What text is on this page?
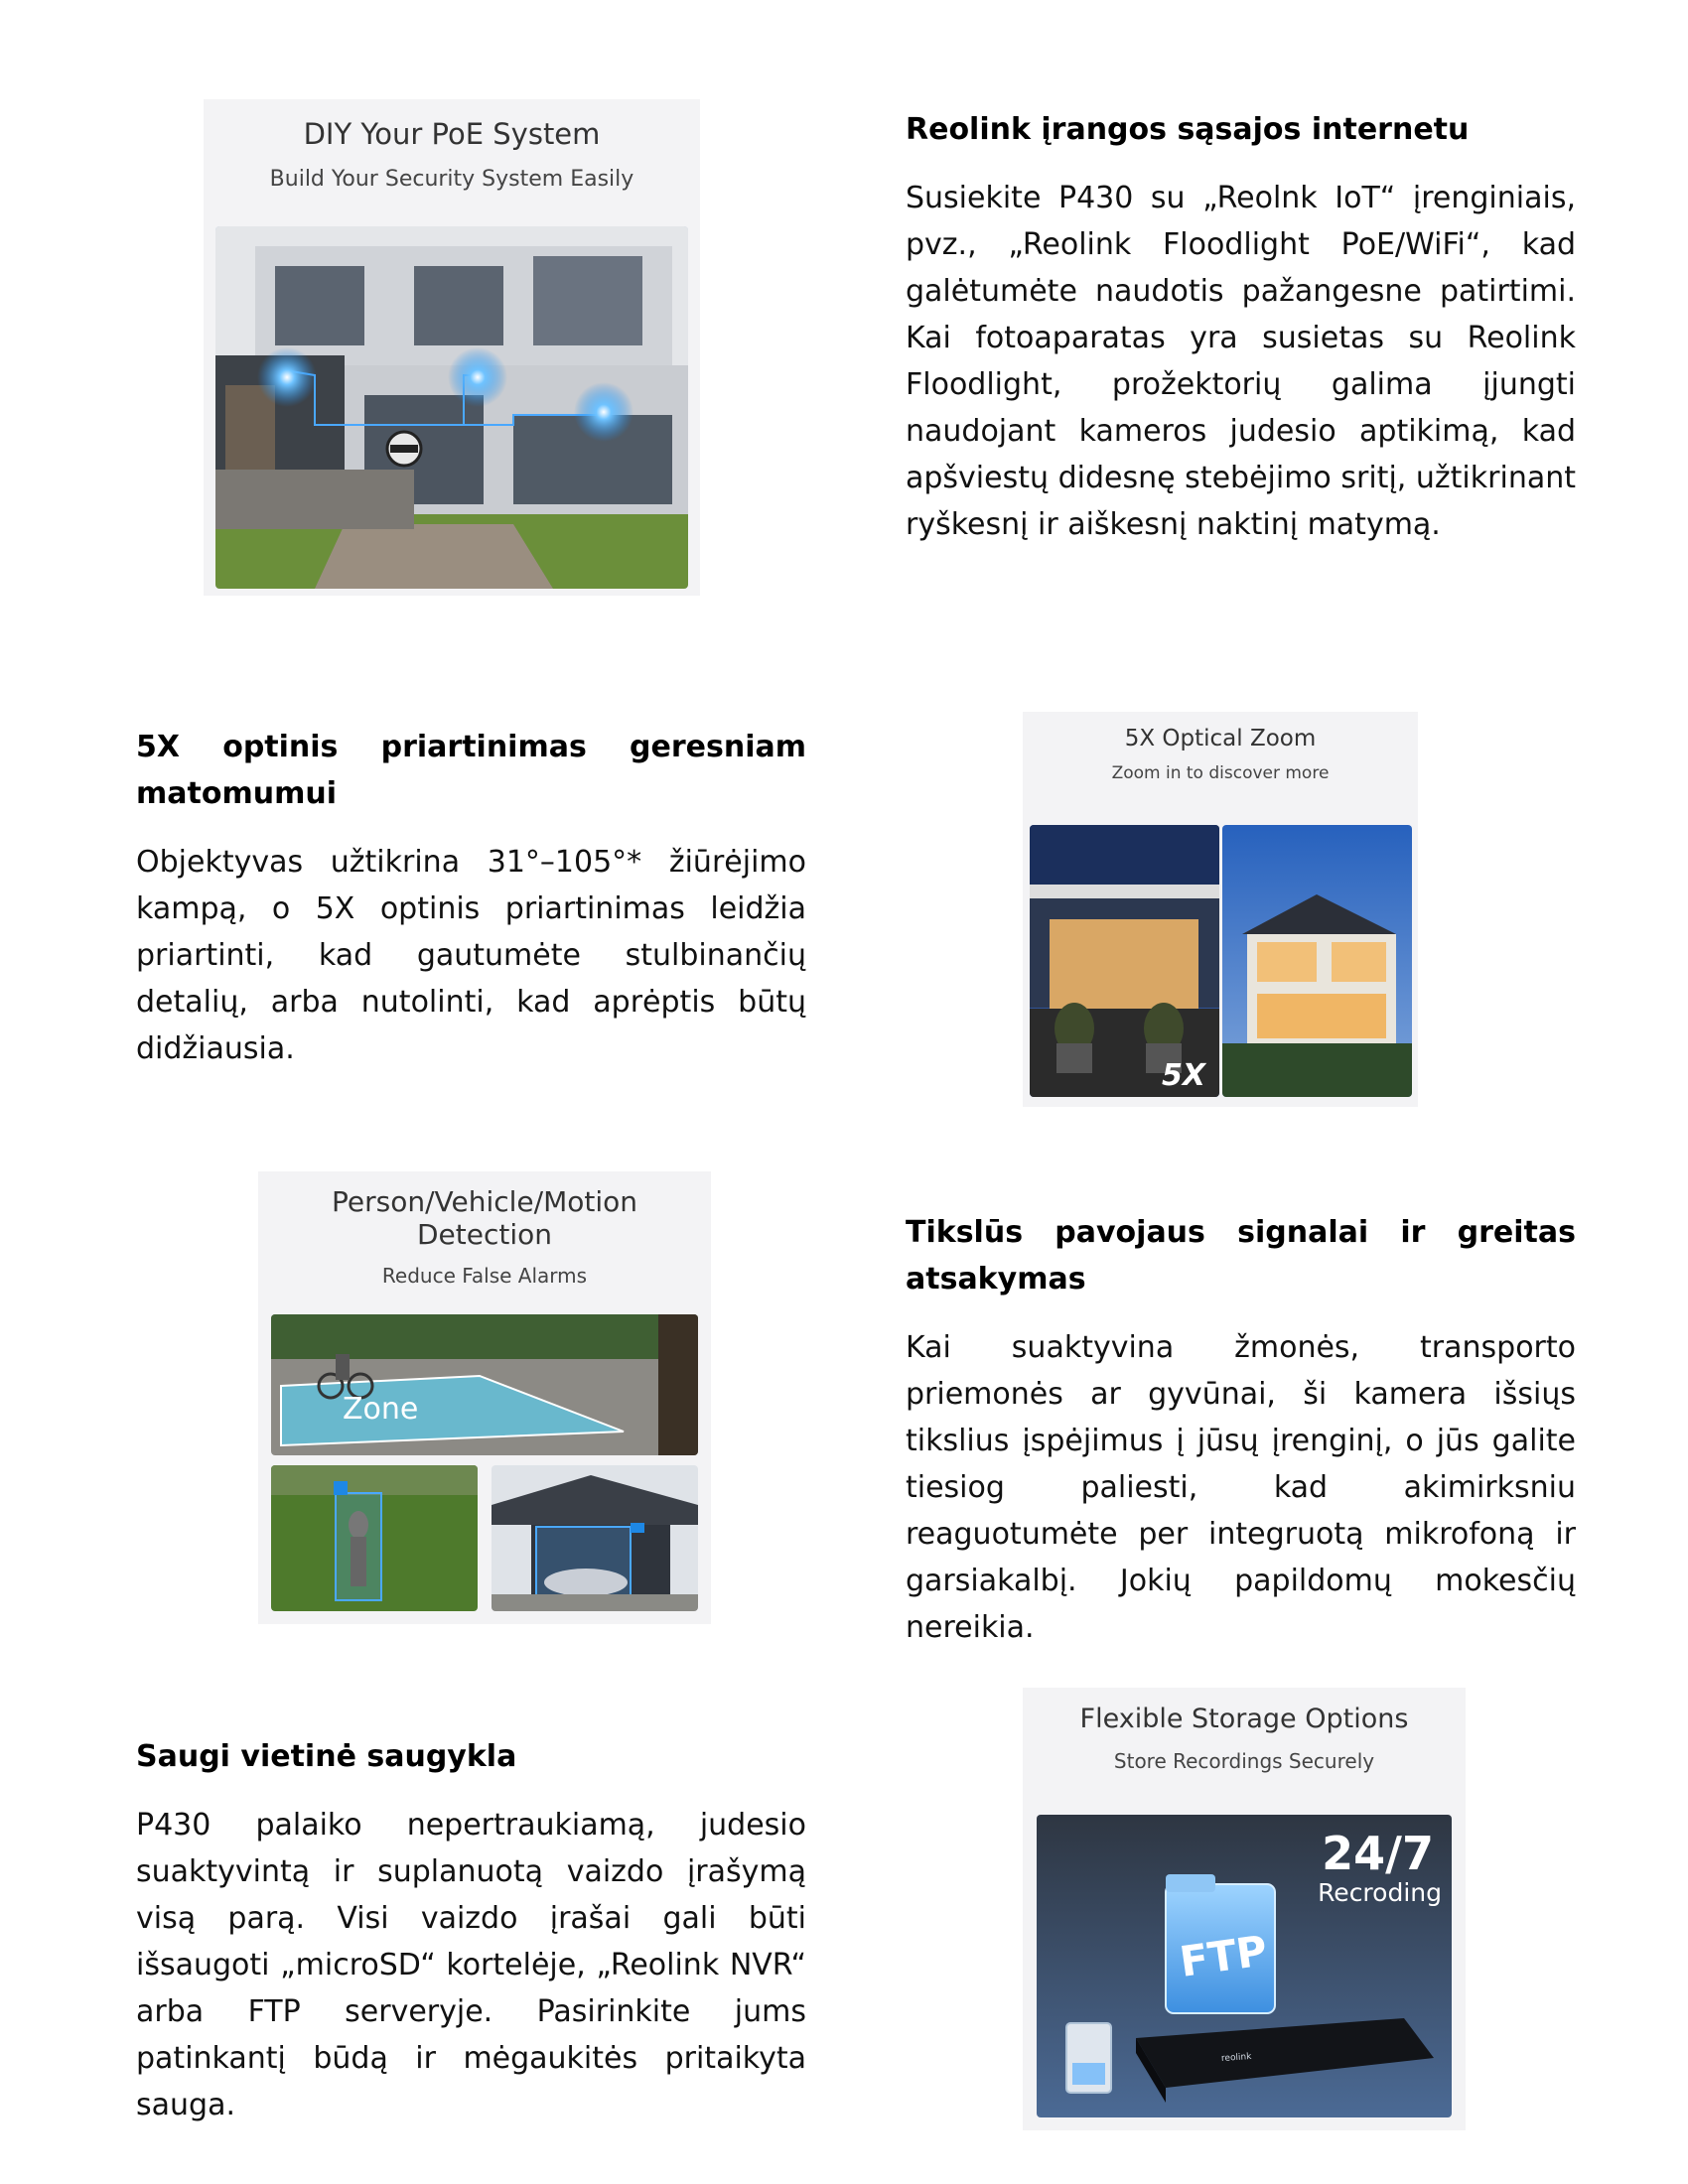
DIY Your PoE System
Build Your Security System Easily
Reolink įrangos sąsajos internetu

Susiekite P430 su „Reolnk IoT“ įrenginiais, pvz., „Reolink Floodlight PoE/WiFi“, kad galėtumėte naudotis pažangesne patirtimi. Kai fotoaparatas yra susietas su Reolink Floodlight, prožektorių galima įjungti naudojant kameros judesio aptikimą, kad apšviestų didesnę stebėjimo sritį, užtikrinant ryškesnį ir aiškesnį naktinį matymą.

5X optinis priartinimas geresniam matomumui

Objektyvas užtikrina 31°–105°* žiūrėjimo kampą, o 5X optinis priartinimas leidžia priartinti, kad gautumėte stulbinančių detalių, arba nutolinti, kad aprėptis būtų didžiausia.

5X Optical Zoom
Zoom in to discover more
5X
Person/Vehicle/Motion Detection
Reduce False Alarms
Zone
Tikslūs pavojaus signalai ir greitas atsakymas

Kai suaktyvina žmonės, transporto priemonės ar gyvūnai, ši kamera išsiųs tikslius įspėjimus į jūsų įrenginį, o jūs galite tiesiog paliesti, kad akimirksniu reaguotumėte per integruotą mikrofoną ir garsiakalbį. Jokių papildomų mokesčių nereikia.

Saugi vietinė saugykla

P430 palaiko nepertraukiamą, judesio suaktyvintą ir suplanuotą vaizdo įrašymą visą parą. Visi vaizdo įrašai gali būti išsaugoti „microSD“ kortelėje, „Reolink NVR“ arba FTP serveryje. Pasirinkite jums patinkantį būdą ir mėgaukitės pritaikyta sauga.

Flexible Storage Options
Store Recordings Securely
24/7
Recroding
FTP
reolink
